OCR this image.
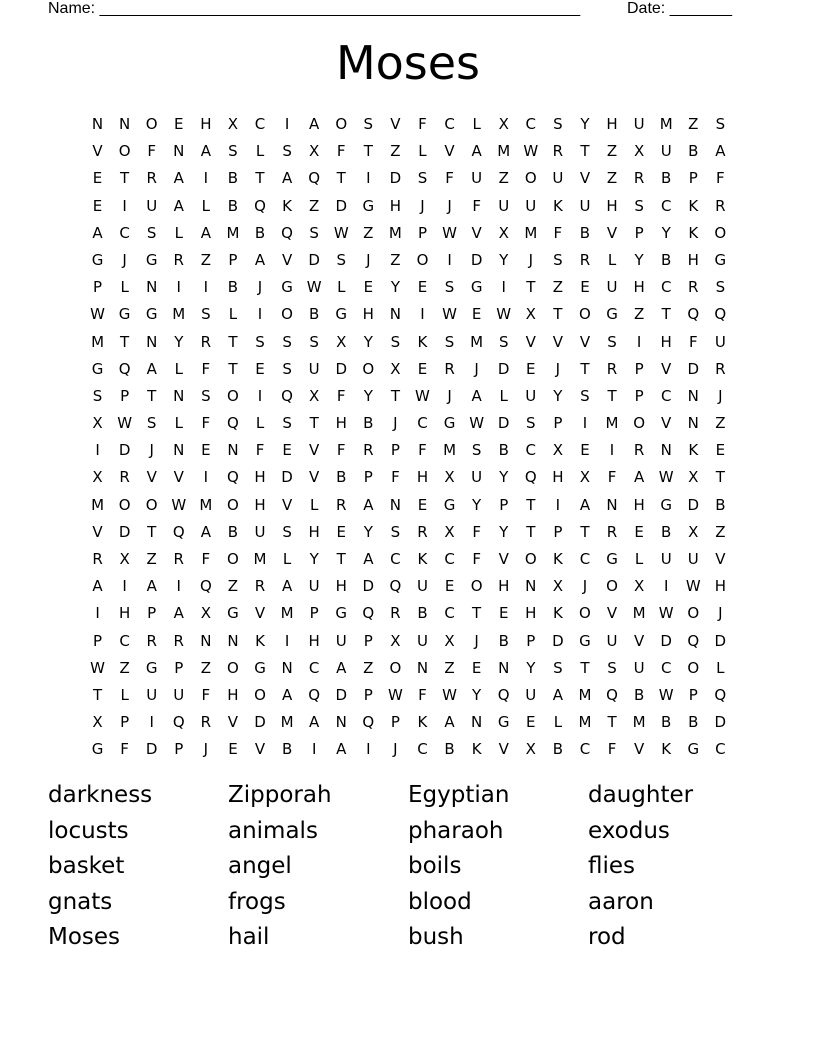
Name: ______________________________________________________	Date: _______
Moses
N	N	O	E	H	X	C	I	A	O	S	V	F	C	L	X	C	S	Y	H	U	M	Z	S
V	O	F	N	A	S	L	S	X	F	T	Z	L	V	A	M W R	T	Z	X	U	B	A
E	T	R	A	I	B	T	A	Q	T	I	D	S	F	U	Z	O	U	V	Z	R	B	P	F
E	I	U	A	L	B	Q	K	Z	D	G	H	J	J	F	U	U	K	U	H	S	C	K	R
A	C	S	L	A	M	B	Q	S W Z	M	P	W V	X	M	F	B	V	P	Y	K	O
G	J	G	R	Z	P	A	V	D	S	J	Z	O	I	D	Y	J	S	R	L	Y	B	H	G
P	L	N	I	I	B	J	G W	L	E	Y	E	S	G	I	T	Z	E	U	H	C	R	S
W G	G M	S	L	I	O	B	G	H	N	I	W E W X	T	O	G	Z	T	Q	Q
M	T	N	Y	R	T	S	S	S	X	Y	S	K	S	M	S	V	V	V	S	I	H	F	U
G	Q	A	L	F	T	E	S	U	D	O	X	E	R	J	D	E	J	T	R	P	V	D	R
S	P	T	N	S	O	I	Q	X	F	Y	T	W	J	A	L	U	Y	S	T	P	C	N	J
X W S	L	F	Q	L	S	T	H	B	J	C	G W D	S	P	I	M O	V	N	Z
I	D	J	N	E	N	F	E	V	F	R	P	F	M	S	B	C	X	E	I	R	N	K	E
X	R	V	V	I	Q	H	D	V	B	P	F	H	X	U	Y	Q	H	X	F	A W X	T
M O	O W M O	H	V	L	R	A	N	E	G	Y	P	T	I	A	N	H	G	D	B
V	D	T	Q	A	B	U	S	H	E	Y	S	R	X	F	Y	T	P	T	R	E	B	X	Z
R	X	Z	R	F	O M	L	Y	T	A	C	K	C	F	V	O	K	C	G	L	U	U	V
A	I	A	I	Q	Z	R	A	U	H	D	Q	U	E	O	H	N	X	J	O	X	I	W H
I	H	P	A	X	G	V	M	P	G	Q	R	B	C	T	E	H	K	O	V	M W O	J
P	C	R	R	N	N	K	I	H	U	P	X	U	X	J	B	P	D	G	U	V	D	Q	D
W Z	G	P	Z	O	G	N	C	A	Z	O	N	Z	E	N	Y	S	T	S	U	C	O	L
T	L	U	U	F	H	O	A	Q	D	P	W	F	W	Y	Q	U	A	M Q	B W	P	Q
X	P	I	Q	R	V	D M	A	N	Q	P	K	A	N	G	E	L	M	T	M	B	B	D
G	F	D	P	J	E	V	B	I	A	I	J	C	B	K	V	X	B	C	F	V	K	G	C
darkness	Zipporah	Egyptian	daughter
locusts	animals	pharaoh	exodus
basket	angel	boils	flies
gnats	frogs	blood	aaron
Moses	hail	bush	rod
